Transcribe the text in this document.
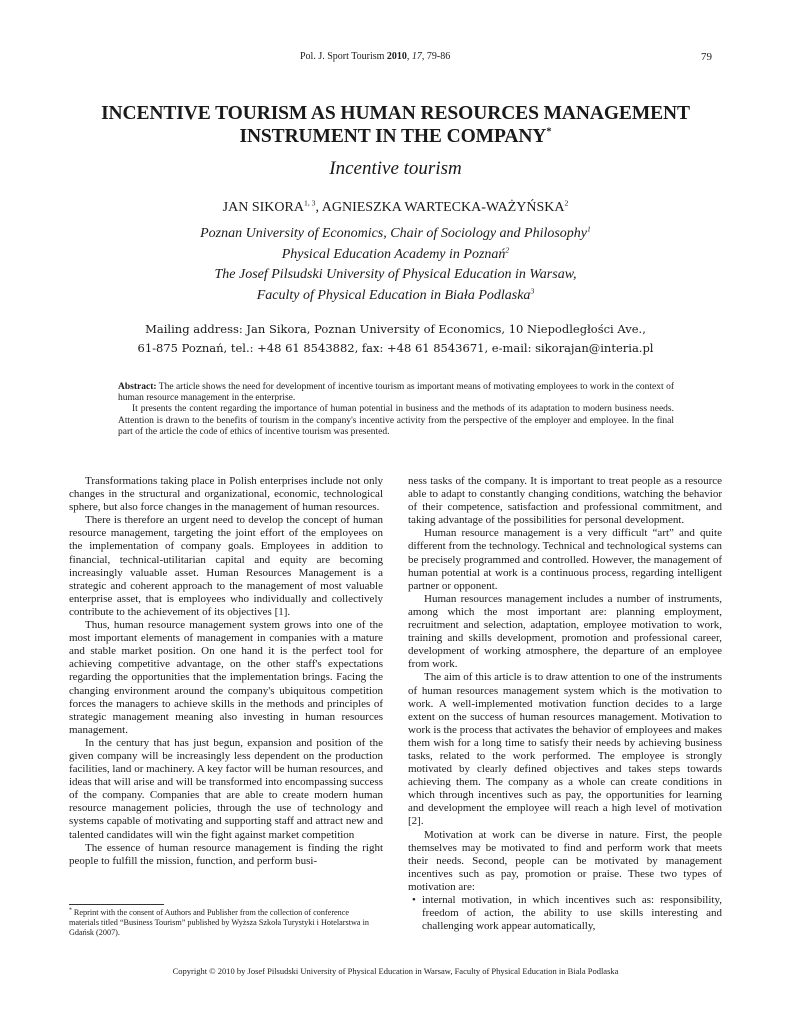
Pol. J. Sport Tourism 2010, 17, 79-86	79
INCENTIVE TOURISM AS HUMAN RESOURCES MANAGEMENT
INSTRUMENT IN THE COMPANY*
Incentive tourism
JAN SIKORA$^{1, 3}$, AGNIESZKA WARTECKA-WAŻYŃSKA$^2$
Poznan University of Economics, Chair of Sociology and Philosophy$^1$
Physical Education Academy in Poznań$^2$
The Josef Pilsudski University of Physical Education in Warsaw,
Faculty of Physical Education in Biała Podlaska$^3$
Mailing address: Jan Sikora, Poznan University of Economics, 10 Niepodległości Ave.,
61-875 Poznań, tel.: +48 61 8543882, fax: +48 61 8543671, e-mail: sikorajan@interia.pl

Abstract: The article shows the need for development of incentive tourism as important means of motivating employees to work in the context of human resource management in the enterprise.

It presents the content regarding the importance of human potential in business and the methods of its adaptation to modern business needs. Attention is drawn to the benefits of tourism in the company's incentive activity from the perspective of the employer and employee. In the final part of the article the code of ethics of incentive tourism was presented.

Transformations taking place in Polish enterprises include not only changes in the structural and organizational, economic, technological sphere, but also force changes in the management of human resources.

There is therefore an urgent need to develop the concept of human resource management, targeting the joint effort of the employees on the implementation of company goals. Employees in addition to financial, technical-utilitarian capital and equity are becoming increasingly valuable asset. Human Resources Management is a strategic and coherent approach to the management of most valuable enterprise asset, that is employees who individually and collectively contribute to the achievement of its objectives [1].

Thus, human resource management system grows into one of the most important elements of management in companies with a mature and stable market position. On one hand it is the perfect tool for achieving competitive advantage, on the other staff's expectations regarding the opportunities that the implementation brings. Facing the changing environment around the company's ubiquitous competition forces the managers to achieve skills in the methods and principles of strategic management meaning also investing in human resources management.

In the century that has just begun, expansion and position of the given company will be increasingly less dependent on the production facilities, land or machinery. A key factor will be human resources, and ideas that will arise and will be transformed into encompassing success of the company. Companies that are able to create modern human resource management policies, through the use of technology and systems capable of motivating and supporting staff and attract new and talented candidates will win the fight against market competition

The essence of human resource management is finding the right people to fulfill the mission, function, and perform busi-

ness tasks of the company. It is important to treat people as a resource able to adapt to constantly changing conditions, watching the behavior of their competence, satisfaction and professional commitment, and taking advantage of the possibilities for personal development.

Human resource management is a very difficult “art” and quite different from the technology. Technical and technological systems can be precisely programmed and controlled. However, the management of human potential at work is a continuous process, regarding intelligent partner or opponent.

Human resources management includes a number of instruments, among which the most important are: planning employment, recruitment and selection, adaptation, employee motivation to work, training and skills development, promotion and professional career, development of working atmosphere, the departure of an employee from work.

The aim of this article is to draw attention to one of the instruments of human resources management system which is the motivation to work. A well-implemented motivation function decides to a large extent on the success of human resources management. Motivation to work is the process that activates the behavior of employees and makes them wish for a long time to satisfy their needs by achieving business tasks, related to the work performed. The employee is strongly motivated by clearly defined objectives and takes steps towards achieving them. The company as a whole can create conditions in which through incentives such as pay, the opportunities for learning and development the employee will reach a high level of motivation [2].

Motivation at work can be diverse in nature. First, the people themselves may be motivated to find and perform work that meets their needs. Second, people can be motivated by management incentives such as pay, promotion or praise. These two types of motivation are:

• internal motivation, in which incentives such as: responsibility, freedom of action, the ability to use skills interesting and challenging work appear automatically,
* Reprint with the consent of Authors and Publisher from the collection of conference materials titled “Business Tourism” published by Wyższa Szkoła Turystyki i Hotelarstwa in Gdańsk (2007).
Copyright © 2010 by Josef Pilsudski University of Physical Education in Warsaw, Faculty of Physical Education in Biala Podlaska
